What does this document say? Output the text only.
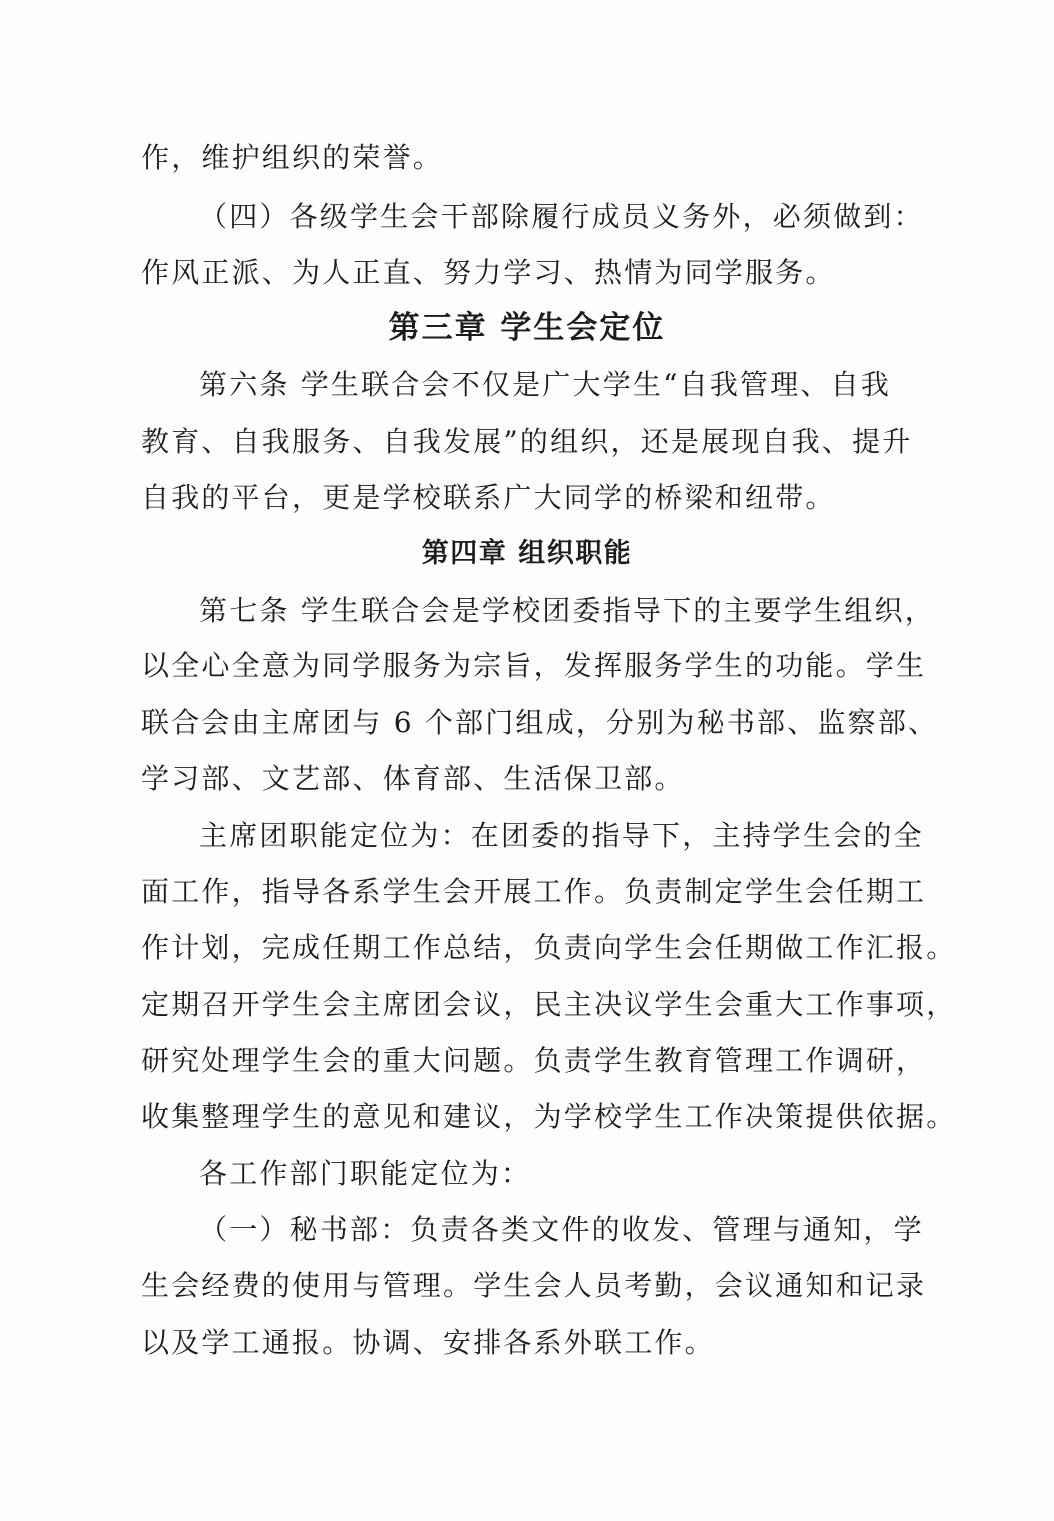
作，维护组织的荣誉。
（四）各级学生会干部除履行成员义务外，必须做到：
作风正派、为人正直、努力学习、热情为同学服务。
第三章 学生会定位
第六条 学生联合会不仅是广大学生“自我管理、自我
教育、自我服务、自我发展”的组织，还是展现自我、提升
自我的平台，更是学校联系广大同学的桥梁和纽带。
第四章 组织职能
第七条 学生联合会是学校团委指导下的主要学生组织，
以全心全意为同学服务为宗旨，发挥服务学生的功能。学生
联合会由主席团与 6 个部门组成，分别为秘书部、监察部、
学习部、文艺部、体育部、生活保卫部。
主席团职能定位为：在团委的指导下，主持学生会的全
面工作，指导各系学生会开展工作。负责制定学生会任期工
作计划，完成任期工作总结，负责向学生会任期做工作汇报。
定期召开学生会主席团会议，民主决议学生会重大工作事项，
研究处理学生会的重大问题。负责学生教育管理工作调研，
收集整理学生的意见和建议，为学校学生工作决策提供依据。
各工作部门职能定位为：
（一）秘书部：负责各类文件的收发、管理与通知，学
生会经费的使用与管理。学生会人员考勤，会议通知和记录
以及学工通报。协调、安排各系外联工作。
